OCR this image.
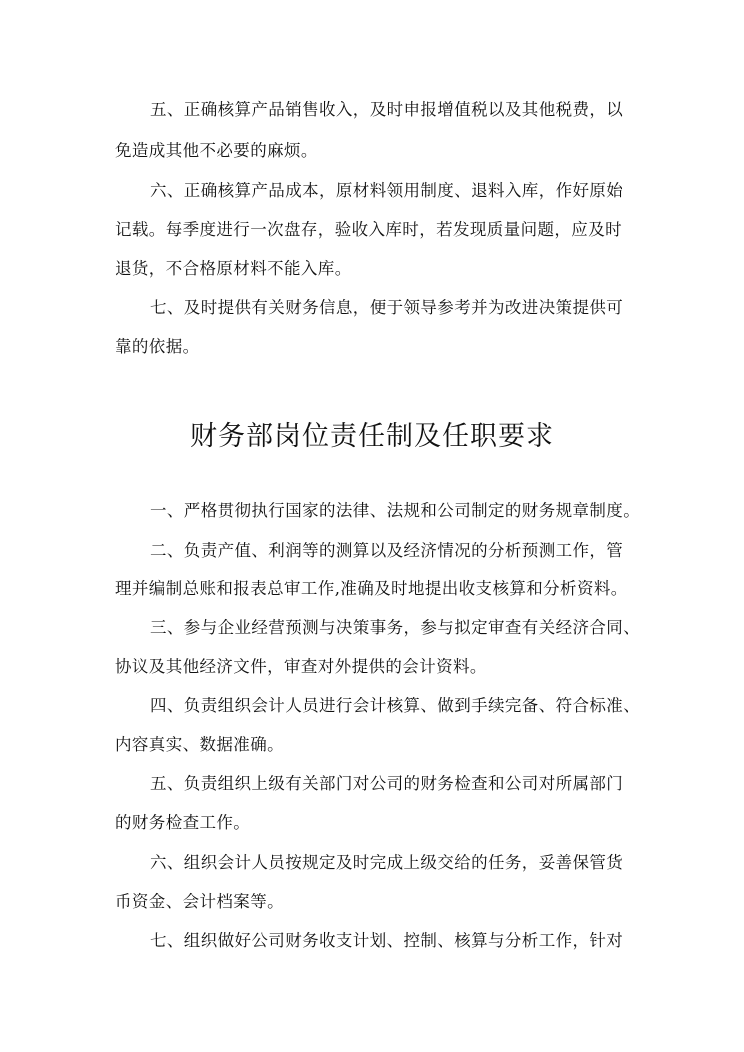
五、正确核算产品销售收入，及时申报增值税以及其他税费，以
免造成其他不必要的麻烦。
六、正确核算产品成本，原材料领用制度、退料入库，作好原始
记载。每季度进行一次盘存，验收入库时，若发现质量问题，应及时
退货，不合格原材料不能入库。
七、及时提供有关财务信息，便于领导参考并为改进决策提供可
靠的依据。
财务部岗位责任制及任职要求
一、严格贯彻执行国家的法律、法规和公司制定的财务规章制度。
二、负责产值、利润等的测算以及经济情况的分析预测工作，管
理并编制总账和报表总审工作,准确及时地提出收支核算和分析资料。
三、参与企业经营预测与决策事务，参与拟定审查有关经济合同、
协议及其他经济文件，审查对外提供的会计资料。
四、负责组织会计人员进行会计核算、做到手续完备、符合标准、
内容真实、数据准确。
五、负责组织上级有关部门对公司的财务检查和公司对所属部门
的财务检查工作。
六、组织会计人员按规定及时完成上级交给的任务，妥善保管货
币资金、会计档案等。
七、组织做好公司财务收支计划、控制、核算与分析工作，针对
